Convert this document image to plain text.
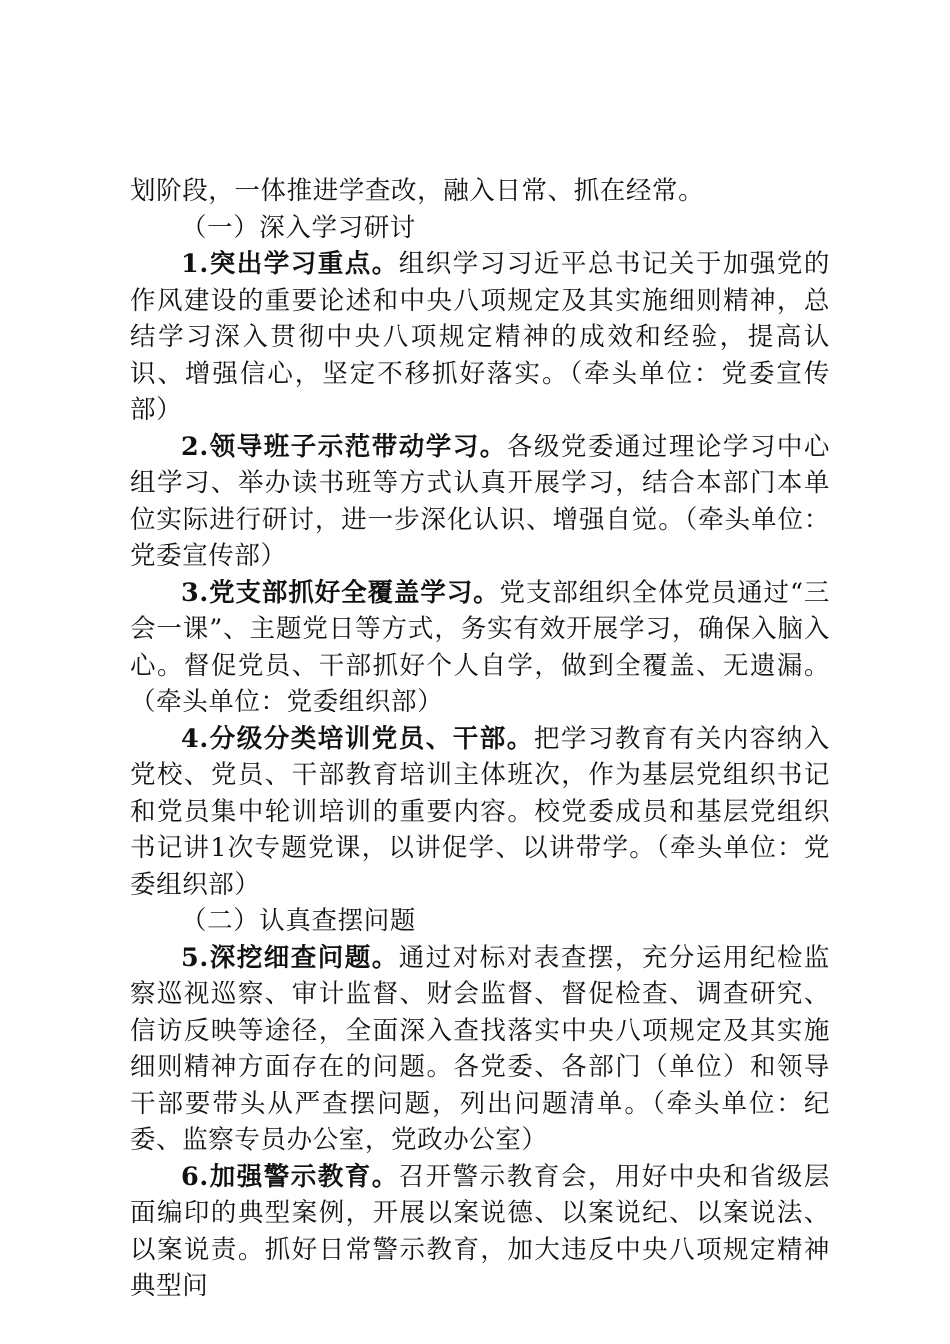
划阶段，一体推进学查改，融入日常、抓在经常。

（一）深入学习研讨

1.突出学习重点。组织学习习近平总书记关于加强党的作风建设的重要论述和中央八项规定及其实施细则精神，总结学习深入贯彻中央八项规定精神的成效和经验，提高认识、增强信心，坚定不移抓好落实。（牵头单位：党委宣传部）

2.领导班子示范带动学习。各级党委通过理论学习中心组学习、举办读书班等方式认真开展学习，结合本部门本单位实际进行研讨，进一步深化认识、增强自觉。（牵头单位：党委宣传部）

3.党支部抓好全覆盖学习。党支部组织全体党员通过“三会一课”、主题党日等方式，务实有效开展学习，确保入脑入心。督促党员、干部抓好个人自学，做到全覆盖、无遗漏。（牵头单位：党委组织部）

4.分级分类培训党员、干部。把学习教育有关内容纳入党校、党员、干部教育培训主体班次，作为基层党组织书记和党员集中轮训培训的重要内容。校党委成员和基层党组织书记讲1次专题党课，以讲促学、以讲带学。（牵头单位：党委组织部）

（二）认真查摆问题

5.深挖细查问题。通过对标对表查摆，充分运用纪检监察巡视巡察、审计监督、财会监督、督促检查、调查研究、信访反映等途径，全面深入查找落实中央八项规定及其实施细则精神方面存在的问题。各党委、各部门（单位）和领导干部要带头从严查摆问题，列出问题清单。（牵头单位：纪委、监察专员办公室，党政办公室）

6.加强警示教育。召开警示教育会，用好中央和省级层面编印的典型案例，开展以案说德、以案说纪、以案说法、以案说责。抓好日常警示教育，加大违反中央八项规定精神典型问
